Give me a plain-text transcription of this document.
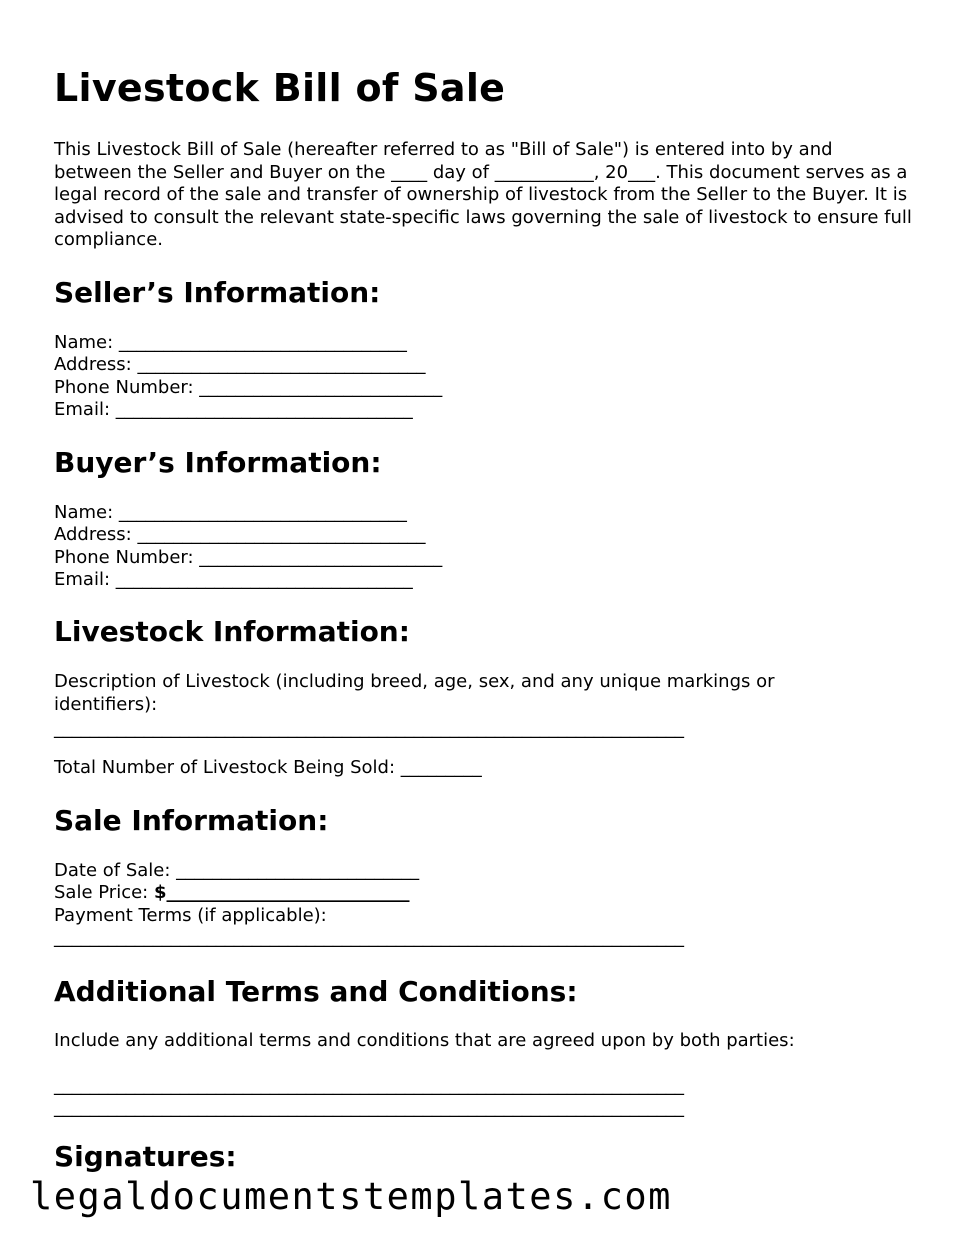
Livestock Bill of Sale

This Livestock Bill of Sale (hereafter referred to as "Bill of Sale") is entered into by and between the Seller and Buyer on the ____ day of ___________, 20___. This document serves as a legal record of the sale and transfer of ownership of livestock from the Seller to the Buyer. It is advised to consult the relevant state-specific laws governing the sale of livestock to ensure full compliance.

Seller’s Information:
Name: ________________________________
Address: ________________________________
Phone Number: ___________________________
Email: _________________________________
Buyer’s Information:
Name: ________________________________
Address: ________________________________
Phone Number: ___________________________
Email: _________________________________
Livestock Information:

Description of Livestock (including breed, age, sex, and any unique markings or identifiers):

______________________________________________________________________
Total Number of Livestock Being Sold: _________
Sale Information:
Date of Sale: ___________________________
Sale Price: $___________________________
Payment Terms (if applicable):
______________________________________________________________________
Additional Terms and Conditions:
Include any additional terms and conditions that are agreed upon by both parties:
______________________________________________________________________
______________________________________________________________________
Signatures:
legaldocumentstemplates.com
